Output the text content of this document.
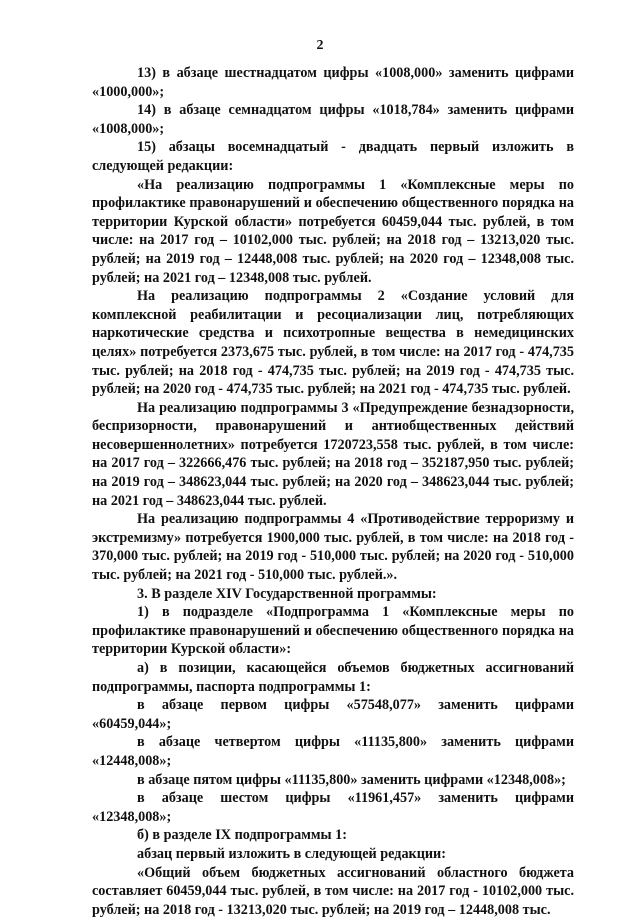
2

13) в абзаце шестнадцатом цифры «1008,000» заменить цифрами «1000,000»;

14) в абзаце семнадцатом цифры «1018,784» заменить цифрами «1008,000»;

15) абзацы восемнадцатый - двадцать первый изложить в следующей редакции:

«На реализацию подпрограммы 1 «Комплексные меры по профилактике правонарушений и обеспечению общественного порядка на территории Курской области» потребуется 60459,044 тыс. рублей, в том числе: на 2017 год – 10102,000 тыс. рублей; на 2018 год – 13213,020 тыс. рублей; на 2019 год – 12448,008 тыс. рублей; на 2020 год – 12348,008 тыс. рублей; на 2021 год – 12348,008 тыс. рублей.

На реализацию подпрограммы 2 «Создание условий для комплексной реабилитации и ресоциализации лиц, потребляющих наркотические средства и психотропные вещества в немедицинских целях» потребуется 2373,675 тыс. рублей, в том числе: на 2017 год - 474,735 тыс. рублей; на 2018 год - 474,735 тыс. рублей; на 2019 год - 474,735 тыс. рублей; на 2020 год - 474,735 тыс. рублей; на 2021 год - 474,735 тыс. рублей.

На реализацию подпрограммы 3 «Предупреждение безнадзорности, беспризорности, правонарушений и антиобщественных действий несовершеннолетних» потребуется 1720723,558 тыс. рублей, в том числе: на 2017 год – 322666,476 тыс. рублей; на 2018 год – 352187,950 тыс. рублей; на 2019 год – 348623,044 тыс. рублей; на 2020 год – 348623,044 тыс. рублей; на 2021 год – 348623,044 тыс. рублей.

На реализацию подпрограммы 4 «Противодействие терроризму и экстремизму» потребуется 1900,000 тыс. рублей, в том числе: на 2018 год - 370,000 тыс. рублей; на 2019 год - 510,000 тыс. рублей; на 2020 год - 510,000 тыс. рублей; на 2021 год - 510,000 тыс. рублей.».

3. В разделе XIV Государственной программы:

1) в подразделе «Подпрограмма 1 «Комплексные меры по профилактике правонарушений и обеспечению общественного порядка на территории Курской области»:

а) в позиции, касающейся объемов бюджетных ассигнований подпрограммы, паспорта подпрограммы 1:

в абзаце первом цифры «57548,077» заменить цифрами «60459,044»;

в абзаце четвертом цифры «11135,800» заменить цифрами «12448,008»;

в абзаце пятом цифры «11135,800» заменить цифрами «12348,008»;

в абзаце шестом цифры «11961,457» заменить цифрами «12348,008»;

б) в разделе IX подпрограммы 1:

абзац первый изложить в следующей редакции:

«Общий объем бюджетных ассигнований областного бюджета составляет 60459,044 тыс. рублей, в том числе: на 2017 год - 10102,000 тыс. рублей; на 2018 год - 13213,020 тыс. рублей; на 2019 год – 12448,008 тыс.
